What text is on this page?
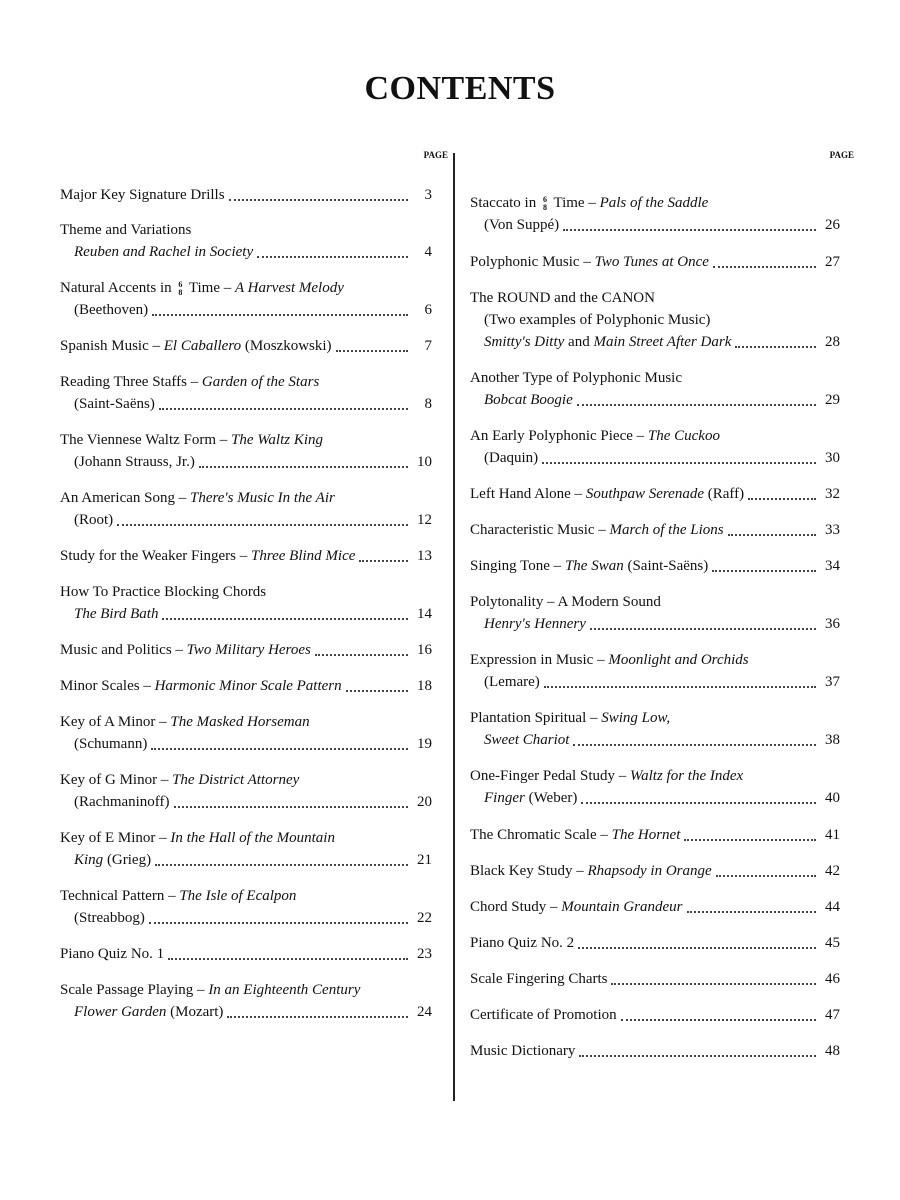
CONTENTS
PAGE
Major Key Signature Drills	3
Theme and Variations
Reuben and Rachel in Society	4
Natural Accents in 6
8 Time – A Harvest Melody
(Beethoven)	6
Spanish Music – El Caballero (Moszkowski)	7
Reading Three Staffs – Garden of the Stars
(Saint-Saëns)	8
The Viennese Waltz Form – The Waltz King
(Johann Strauss, Jr.)	10
An American Song – There's Music In the Air
(Root)	12
Study for the Weaker Fingers – Three Blind Mice	13
How To Practice Blocking Chords
The Bird Bath	14
Music and Politics – Two Military Heroes	16
Minor Scales – Harmonic Minor Scale Pattern	18
Key of A Minor – The Masked Horseman
(Schumann)	19
Key of G Minor – The District Attorney
(Rachmaninoff)	20
Key of E Minor – In the Hall of the Mountain
King (Grieg)	21
Technical Pattern – The Isle of Ecalpon
(Streabbog)	22
Piano Quiz No. 1	23
Scale Passage Playing – In an Eighteenth Century
Flower Garden (Mozart)	24
PAGE
Staccato in 6
8 Time – Pals of the Saddle
(Von Suppé)	26
Polyphonic Music – Two Tunes at Once	27
The ROUND and the CANON
(Two examples of Polyphonic Music)
Smitty's Ditty and Main Street After Dark	28
Another Type of Polyphonic Music
Bobcat Boogie	29
An Early Polyphonic Piece – The Cuckoo
(Daquin)	30
Left Hand Alone – Southpaw Serenade (Raff)	32
Characteristic Music – March of the Lions	33
Singing Tone – The Swan (Saint-Saëns)	34
Polytonality – A Modern Sound
Henry's Hennery	36
Expression in Music – Moonlight and Orchids
(Lemare)	37
Plantation Spiritual – Swing Low,
Sweet Chariot	38
One-Finger Pedal Study – Waltz for the Index
Finger (Weber)	40
The Chromatic Scale – The Hornet	41
Black Key Study – Rhapsody in Orange	42
Chord Study – Mountain Grandeur	44
Piano Quiz No. 2	45
Scale Fingering Charts	46
Certificate of Promotion	47
Music Dictionary	48
